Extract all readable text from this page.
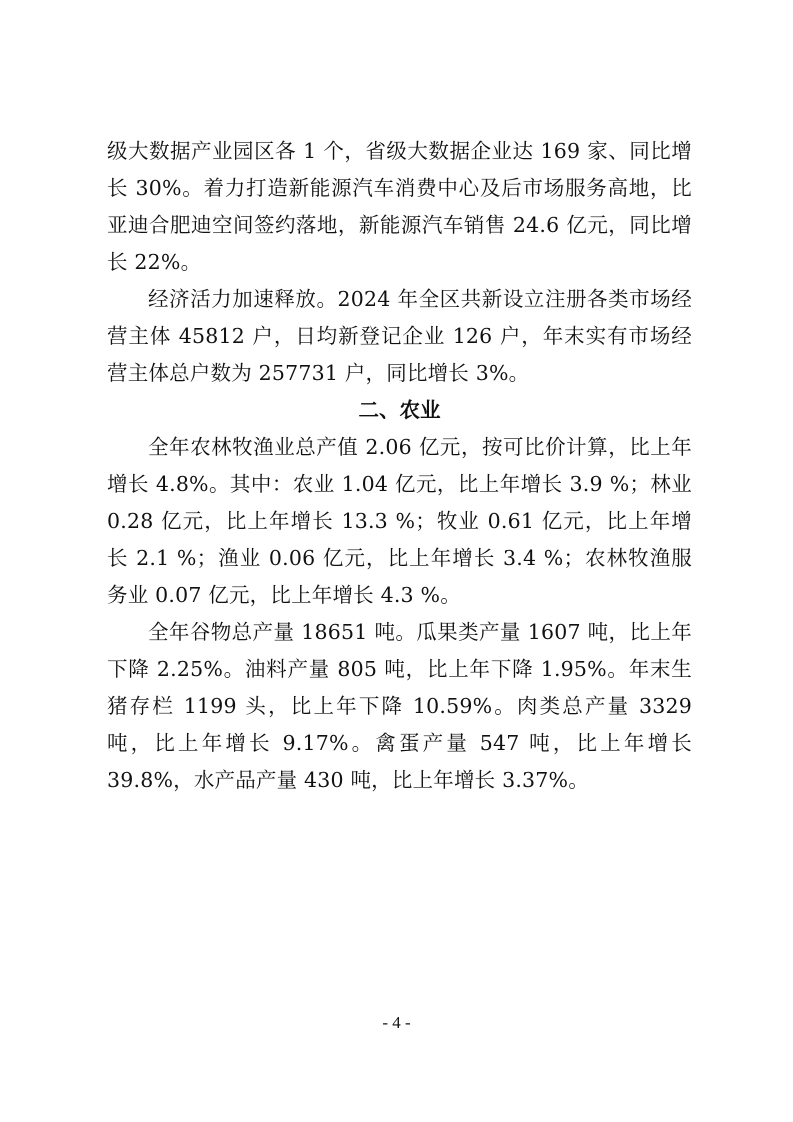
级大数据产业园区各 1 个，省级大数据企业达 169 家、同比增长 30%。着力打造新能源汽车消费中心及后市场服务高地，比亚迪合肥迪空间签约落地，新能源汽车销售 24.6 亿元，同比增长 22%。

经济活力加速释放。2024 年全区共新设立注册各类市场经营主体 45812 户，日均新登记企业 126 户，年末实有市场经营主体总户数为 257731 户，同比增长 3%。

二、农业

全年农林牧渔业总产值 2.06 亿元，按可比价计算，比上年增长 4.8%。其中：农业 1.04 亿元，比上年增长 3.9 %；林业 0.28 亿元，比上年增长 13.3 %；牧业 0.61 亿元，比上年增长 2.1 %；渔业 0.06 亿元，比上年增长 3.4 %；农林牧渔服务业 0.07 亿元，比上年增长 4.3 %。

全年谷物总产量 18651 吨。瓜果类产量 1607 吨，比上年下降 2.25%。油料产量 805 吨，比上年下降 1.95%。年末生猪存栏 1199 头，比上年下降 10.59%。肉类总产量 3329 吨，比上年增长 9.17%。禽蛋产量 547 吨，比上年增长 39.8%，水产品产量 430 吨，比上年增长 3.37%。

- 4 -
